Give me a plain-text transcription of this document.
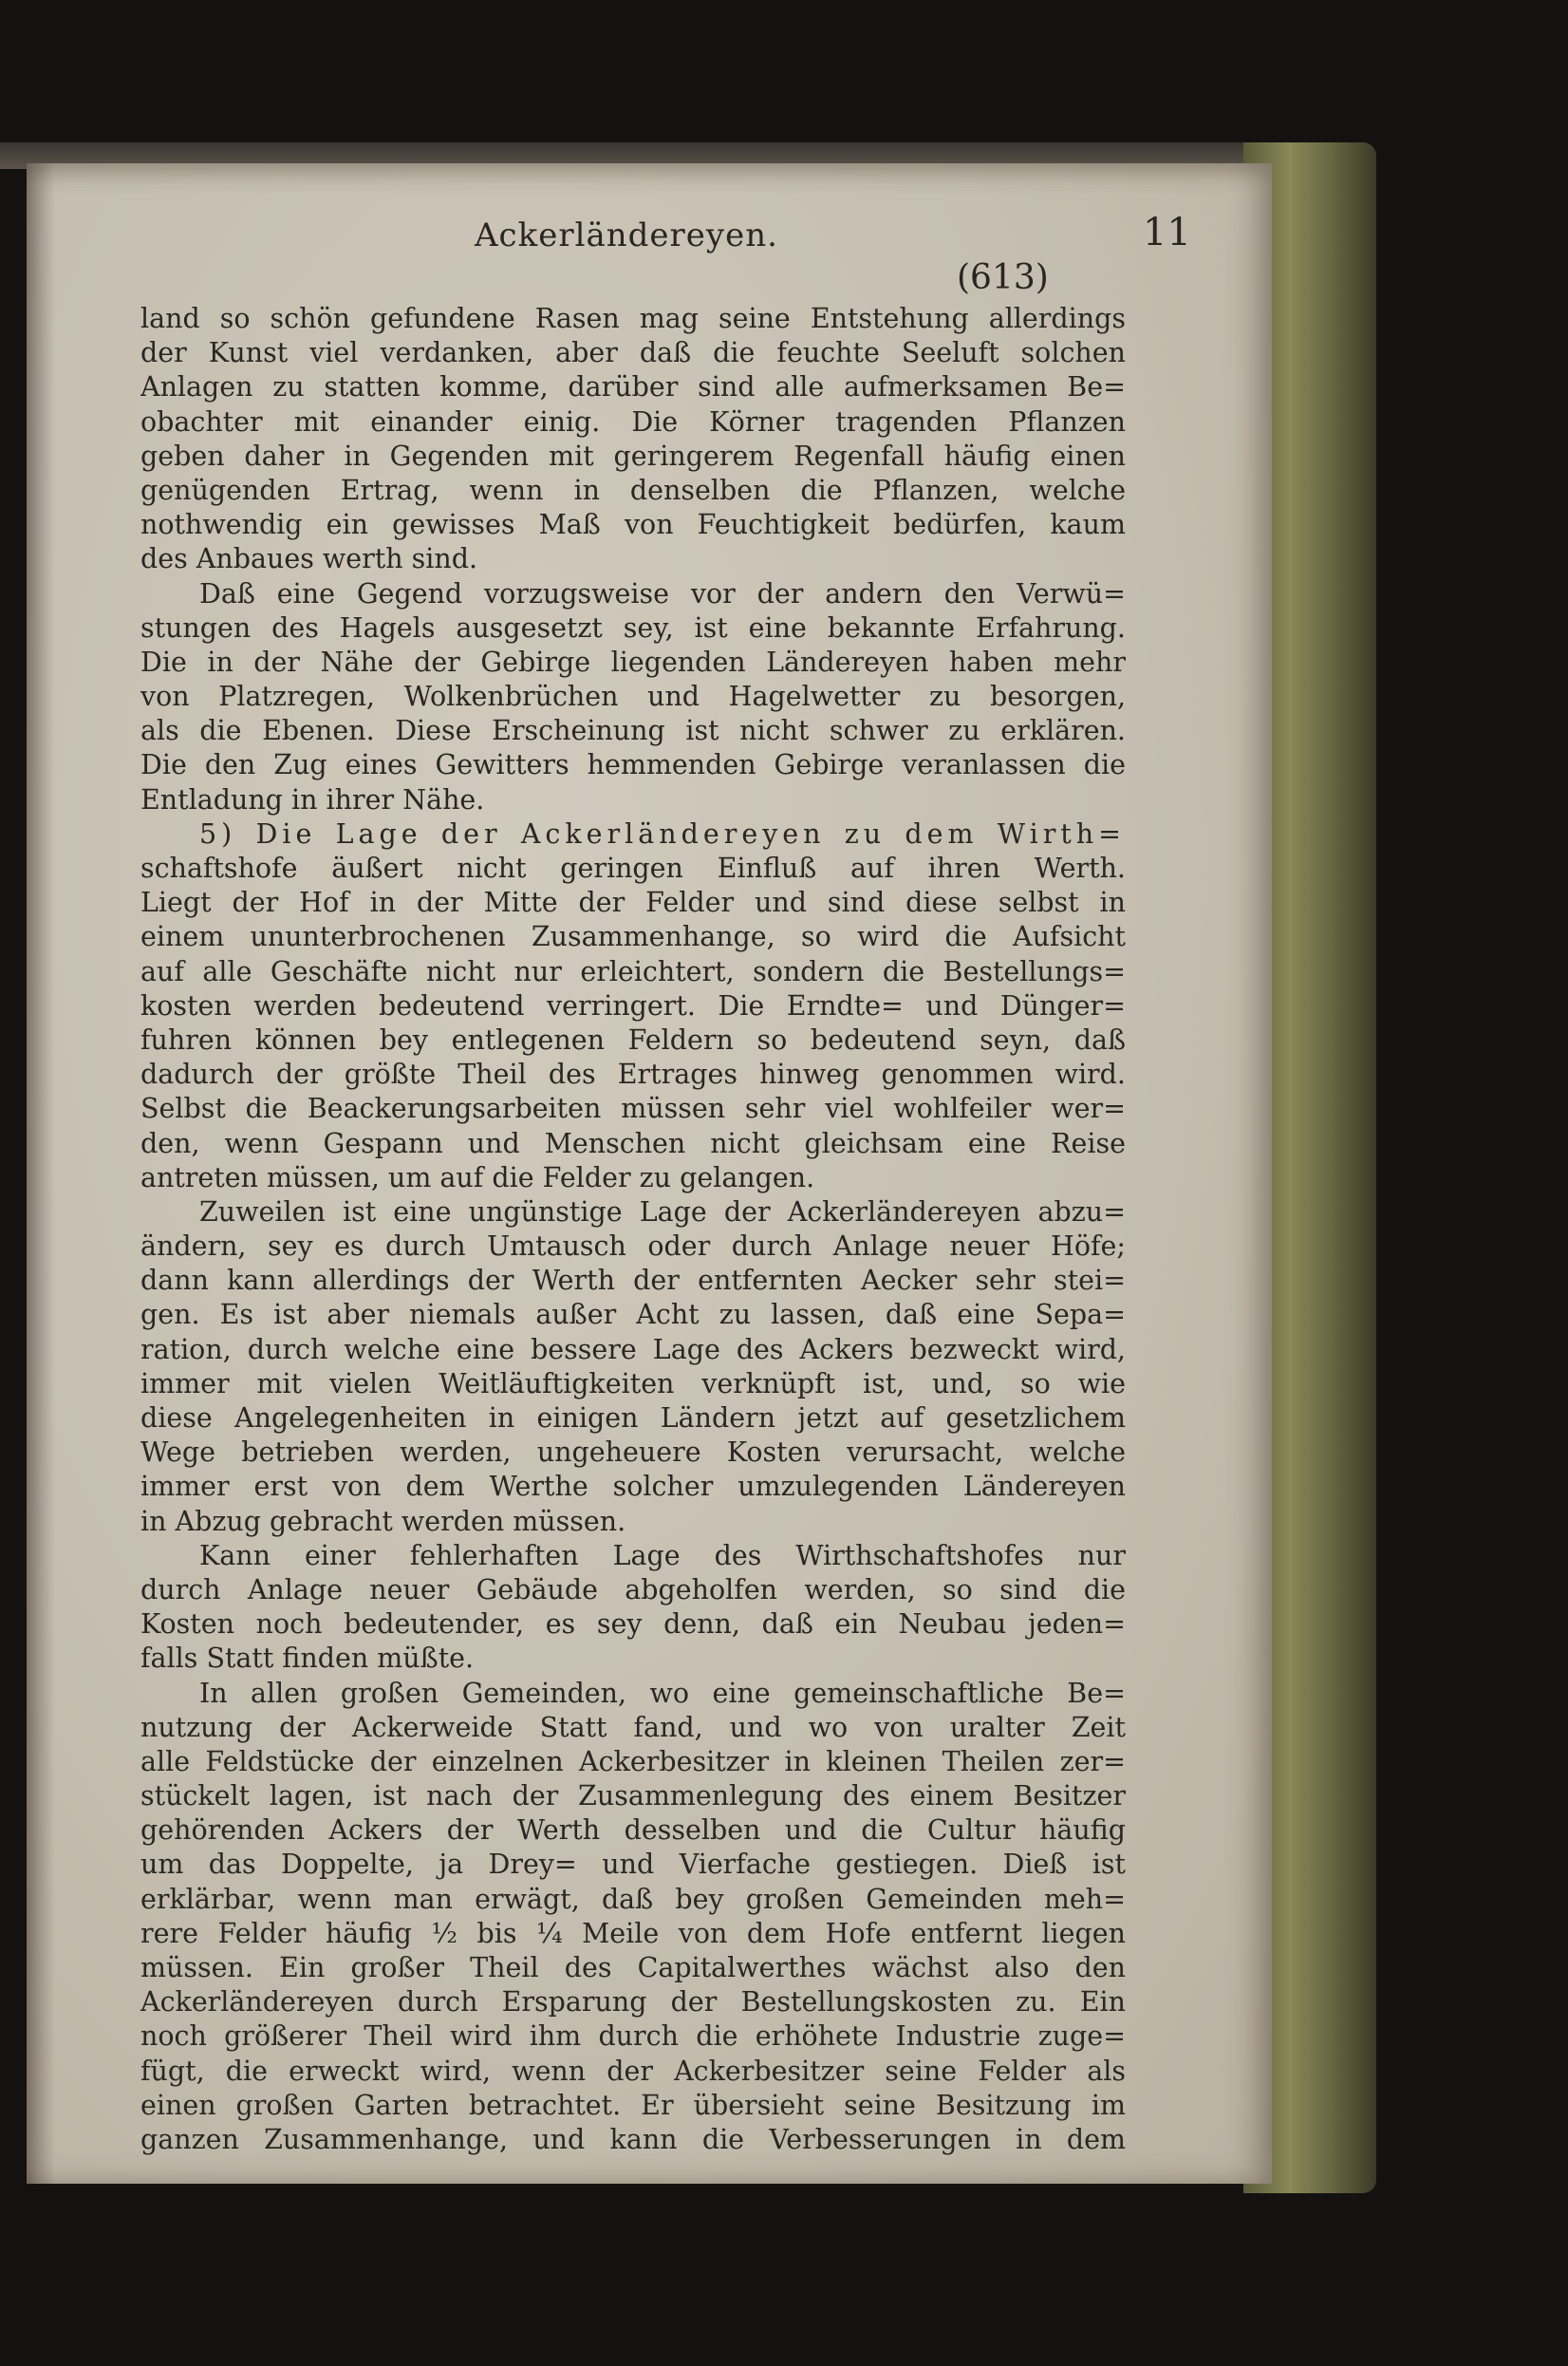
Ackerländereyen.	11
(613)
land so schön gefundene Rasen mag seine Entstehung allerdings
der Kunst viel verdanken, aber daß die feuchte Seeluft solchen
Anlagen zu statten komme, darüber sind alle aufmerksamen Be=
obachter mit einander einig. Die Körner tragenden Pflanzen
geben daher in Gegenden mit geringerem Regenfall häufig einen
genügenden Ertrag, wenn in denselben die Pflanzen, welche
nothwendig ein gewisses Maß von Feuchtigkeit bedürfen, kaum
des Anbaues werth sind.
Daß eine Gegend vorzugsweise vor der andern den Verwü=
stungen des Hagels ausgesetzt sey, ist eine bekannte Erfahrung.
Die in der Nähe der Gebirge liegenden Ländereyen haben mehr
von Platzregen, Wolkenbrüchen und Hagelwetter zu besorgen,
als die Ebenen. Diese Erscheinung ist nicht schwer zu erklären.
Die den Zug eines Gewitters hemmenden Gebirge veranlassen die
Entladung in ihrer Nähe.
5) Die Lage der Ackerländereyen zu dem Wirth=
schaftshofe äußert nicht geringen Einfluß auf ihren Werth.
Liegt der Hof in der Mitte der Felder und sind diese selbst in
einem ununterbrochenen Zusammenhange, so wird die Aufsicht
auf alle Geschäfte nicht nur erleichtert, sondern die Bestellungs=
kosten werden bedeutend verringert. Die Erndte= und Dünger=
fuhren können bey entlegenen Feldern so bedeutend seyn, daß
dadurch der größte Theil des Ertrages hinweg genommen wird.
Selbst die Beackerungsarbeiten müssen sehr viel wohlfeiler wer=
den, wenn Gespann und Menschen nicht gleichsam eine Reise
antreten müssen, um auf die Felder zu gelangen.
Zuweilen ist eine ungünstige Lage der Ackerländereyen abzu=
ändern, sey es durch Umtausch oder durch Anlage neuer Höfe;
dann kann allerdings der Werth der entfernten Aecker sehr stei=
gen. Es ist aber niemals außer Acht zu lassen, daß eine Sepa=
ration, durch welche eine bessere Lage des Ackers bezweckt wird,
immer mit vielen Weitläuftigkeiten verknüpft ist, und, so wie
diese Angelegenheiten in einigen Ländern jetzt auf gesetzlichem
Wege betrieben werden, ungeheuere Kosten verursacht, welche
immer erst von dem Werthe solcher umzulegenden Ländereyen
in Abzug gebracht werden müssen.
Kann einer fehlerhaften Lage des Wirthschaftshofes nur
durch Anlage neuer Gebäude abgeholfen werden, so sind die
Kosten noch bedeutender, es sey denn, daß ein Neubau jeden=
falls Statt finden müßte.
In allen großen Gemeinden, wo eine gemeinschaftliche Be=
nutzung der Ackerweide Statt fand, und wo von uralter Zeit
alle Feldstücke der einzelnen Ackerbesitzer in kleinen Theilen zer=
stückelt lagen, ist nach der Zusammenlegung des einem Besitzer
gehörenden Ackers der Werth desselben und die Cultur häufig
um das Doppelte, ja Drey= und Vierfache gestiegen. Dieß ist
erklärbar, wenn man erwägt, daß bey großen Gemeinden meh=
rere Felder häufig ½ bis ¼ Meile von dem Hofe entfernt liegen
müssen. Ein großer Theil des Capitalwerthes wächst also den
Ackerländereyen durch Ersparung der Bestellungskosten zu. Ein
noch größerer Theil wird ihm durch die erhöhete Industrie zuge=
fügt, die erweckt wird, wenn der Ackerbesitzer seine Felder als
einen großen Garten betrachtet. Er übersieht seine Besitzung im
ganzen Zusammenhange, und kann die Verbesserungen in dem
